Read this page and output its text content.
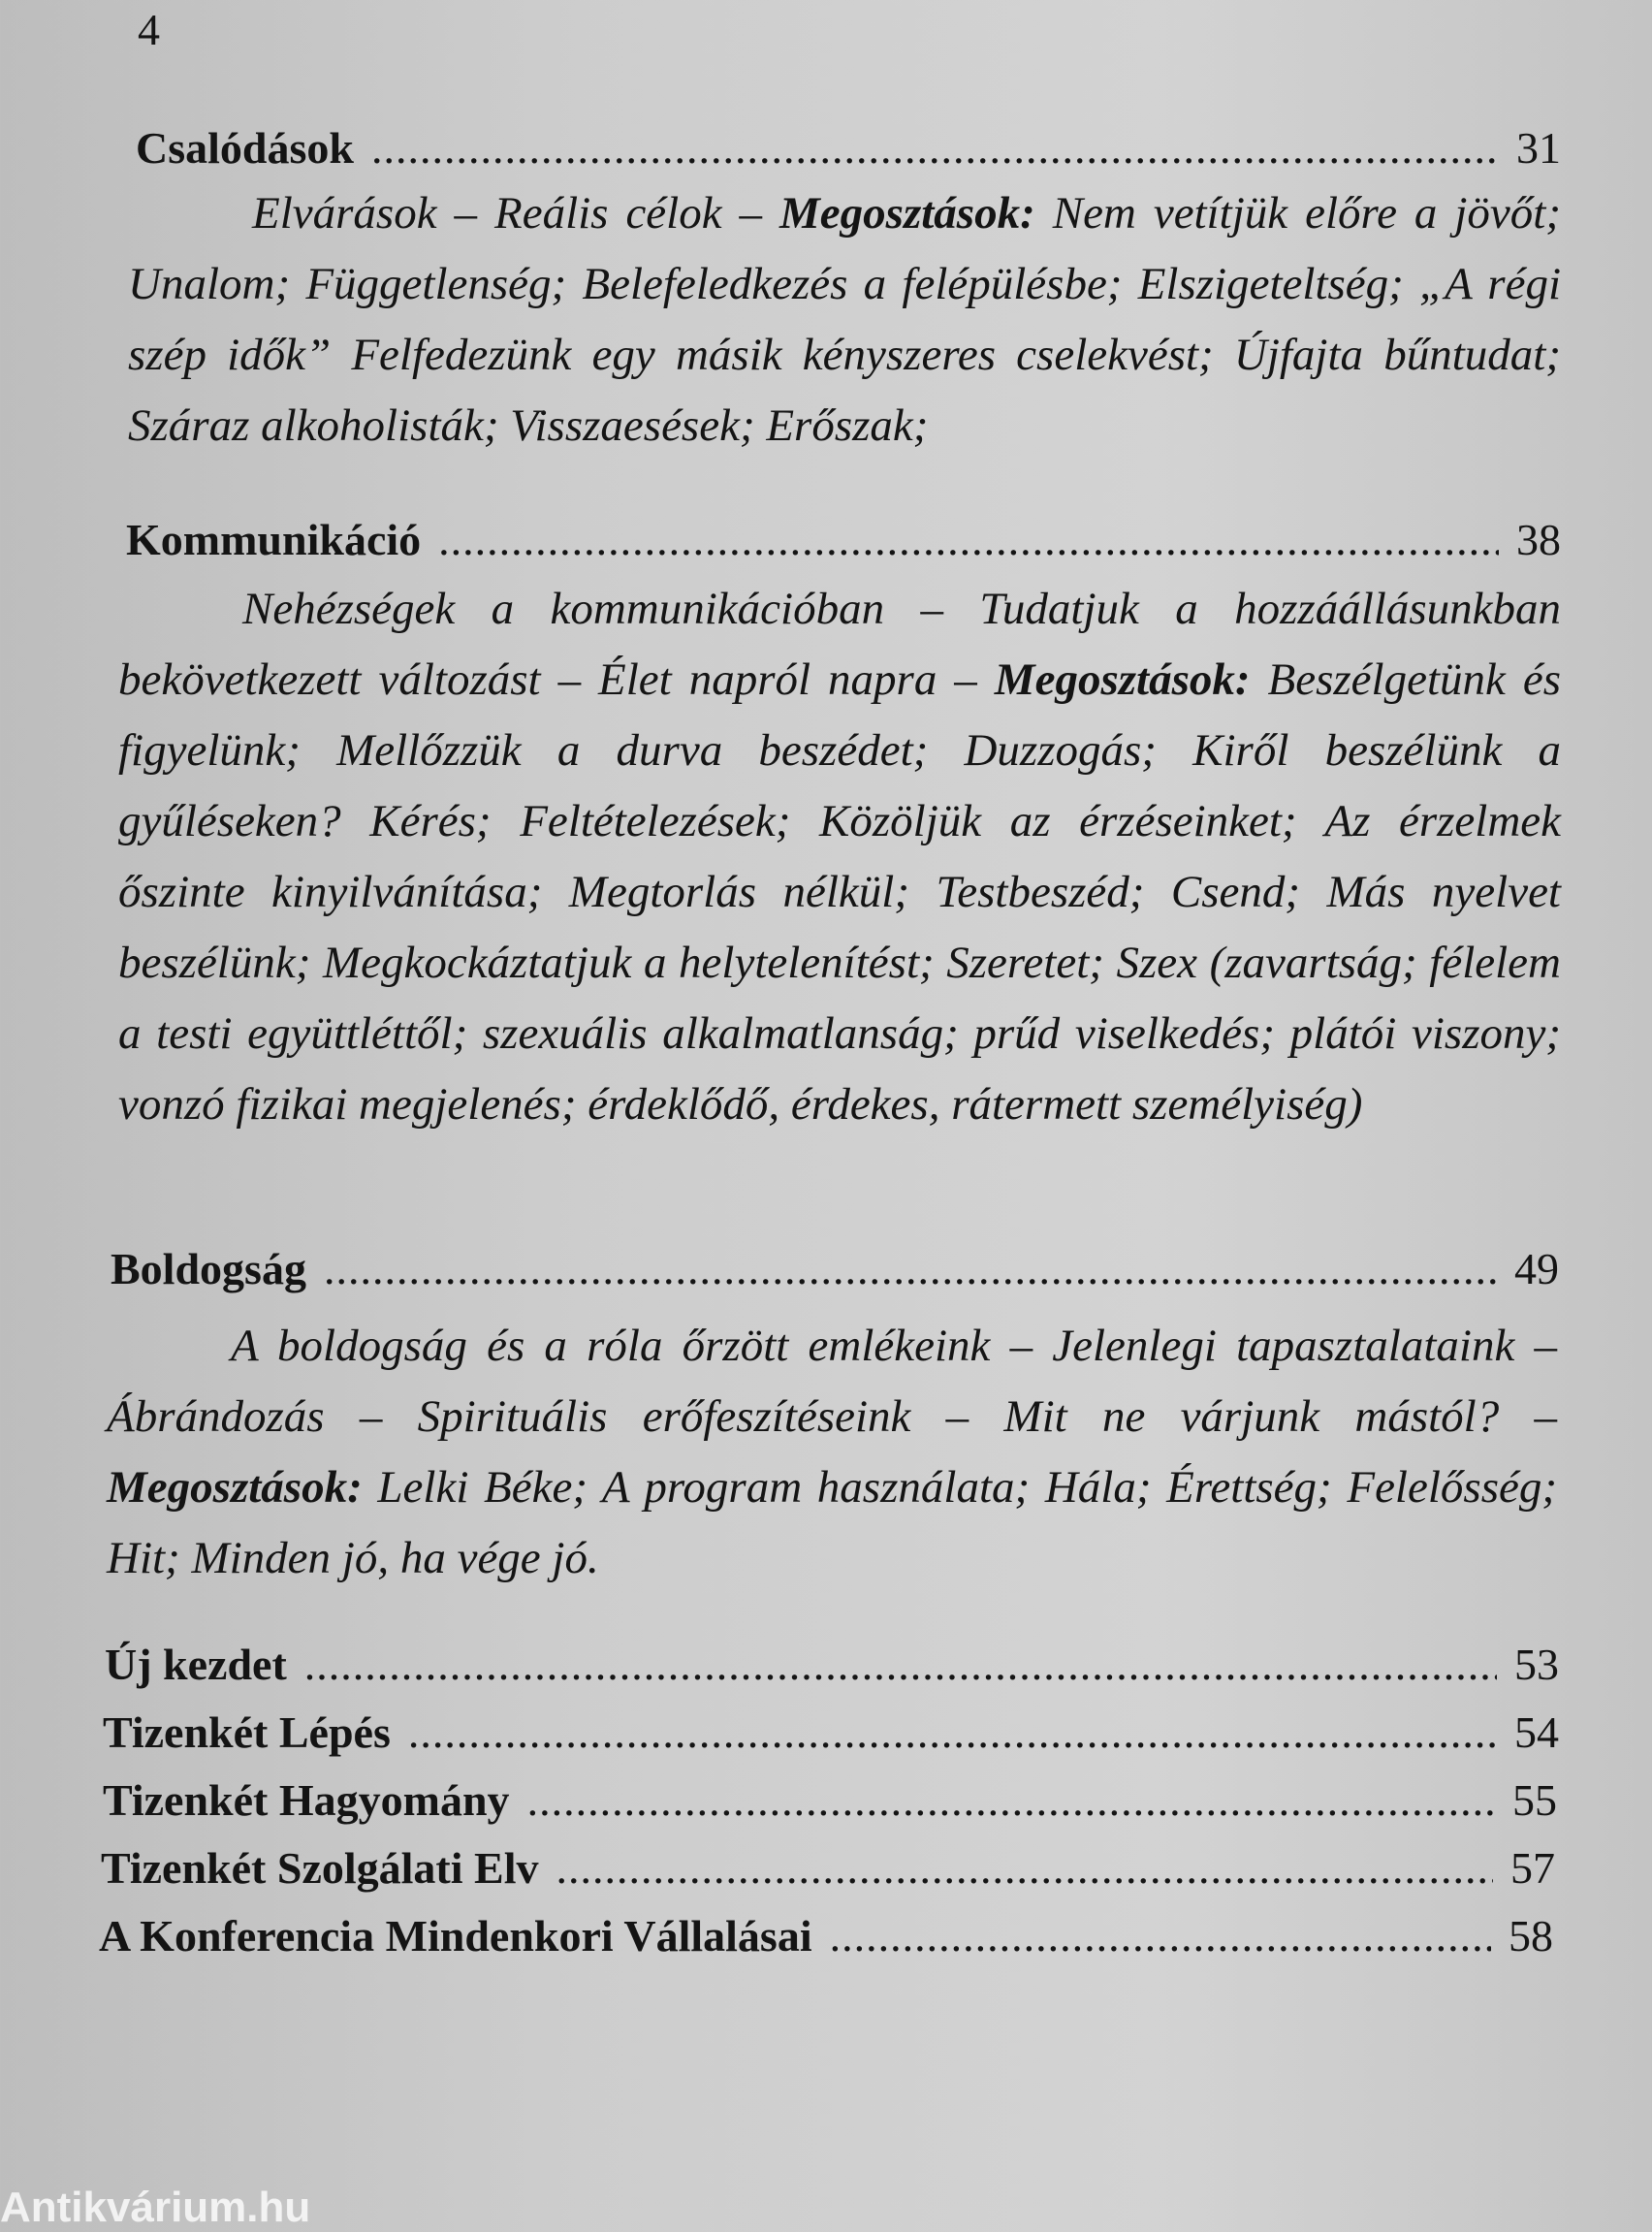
4
Csalódások .....	31
Elvárások – Reális célok – Megosztások: Nem vetítjük előre a jövőt; Unalom; Függetlenség; Belefeledkezés a felépülésbe; Elszigeteltség; „A régi szép idők” Felfedezünk egy másik kényszeres cselekvést; Újfajta bűntudat; Száraz alkoholisták; Visszaesések; Erőszak;
Kommunikáció .....	38
Nehézségek a kommunikációban – Tudatjuk a hozzáállásunkban bekövetkezett változást – Élet napról napra – Megosztások: Beszélgetünk és figyelünk; Mellőzzük a durva beszédet; Duzzogás; Kiről beszélünk a gyűléseken? Kérés; Feltételezések; Közöljük az érzéseinket; Az érzelmek őszinte kinyilvánítása; Megtorlás nélkül; Testbeszéd; Csend; Más nyelvet beszélünk; Megkockáztatjuk a helytelenítést; Szeretet; Szex (zavartság; félelem a testi együttléttől; szexuális alkalmatlanság; prűd viselkedés; plátói viszony; vonzó fizikai megjelenés; érdeklődő, érdekes, rátermett személyiség)
Boldogság .....	49
A boldogság és a róla őrzött emlékeink – Jelenlegi tapasztalataink – Ábrándozás – Spirituális erőfeszítéseink – Mit ne várjunk mástól? – Megosztások: Lelki Béke; A program használata; Hála; Érettség; Felelősség; Hit; Minden jó, ha vége jó.
Új kezdet .....	53
Tizenkét Lépés .....	54
Tizenkét Hagyomány .....	55
Tizenkét Szolgálati Elv .....	57
A Konferencia Mindenkori Vállalásai .....	58
Antikvárium.hu
